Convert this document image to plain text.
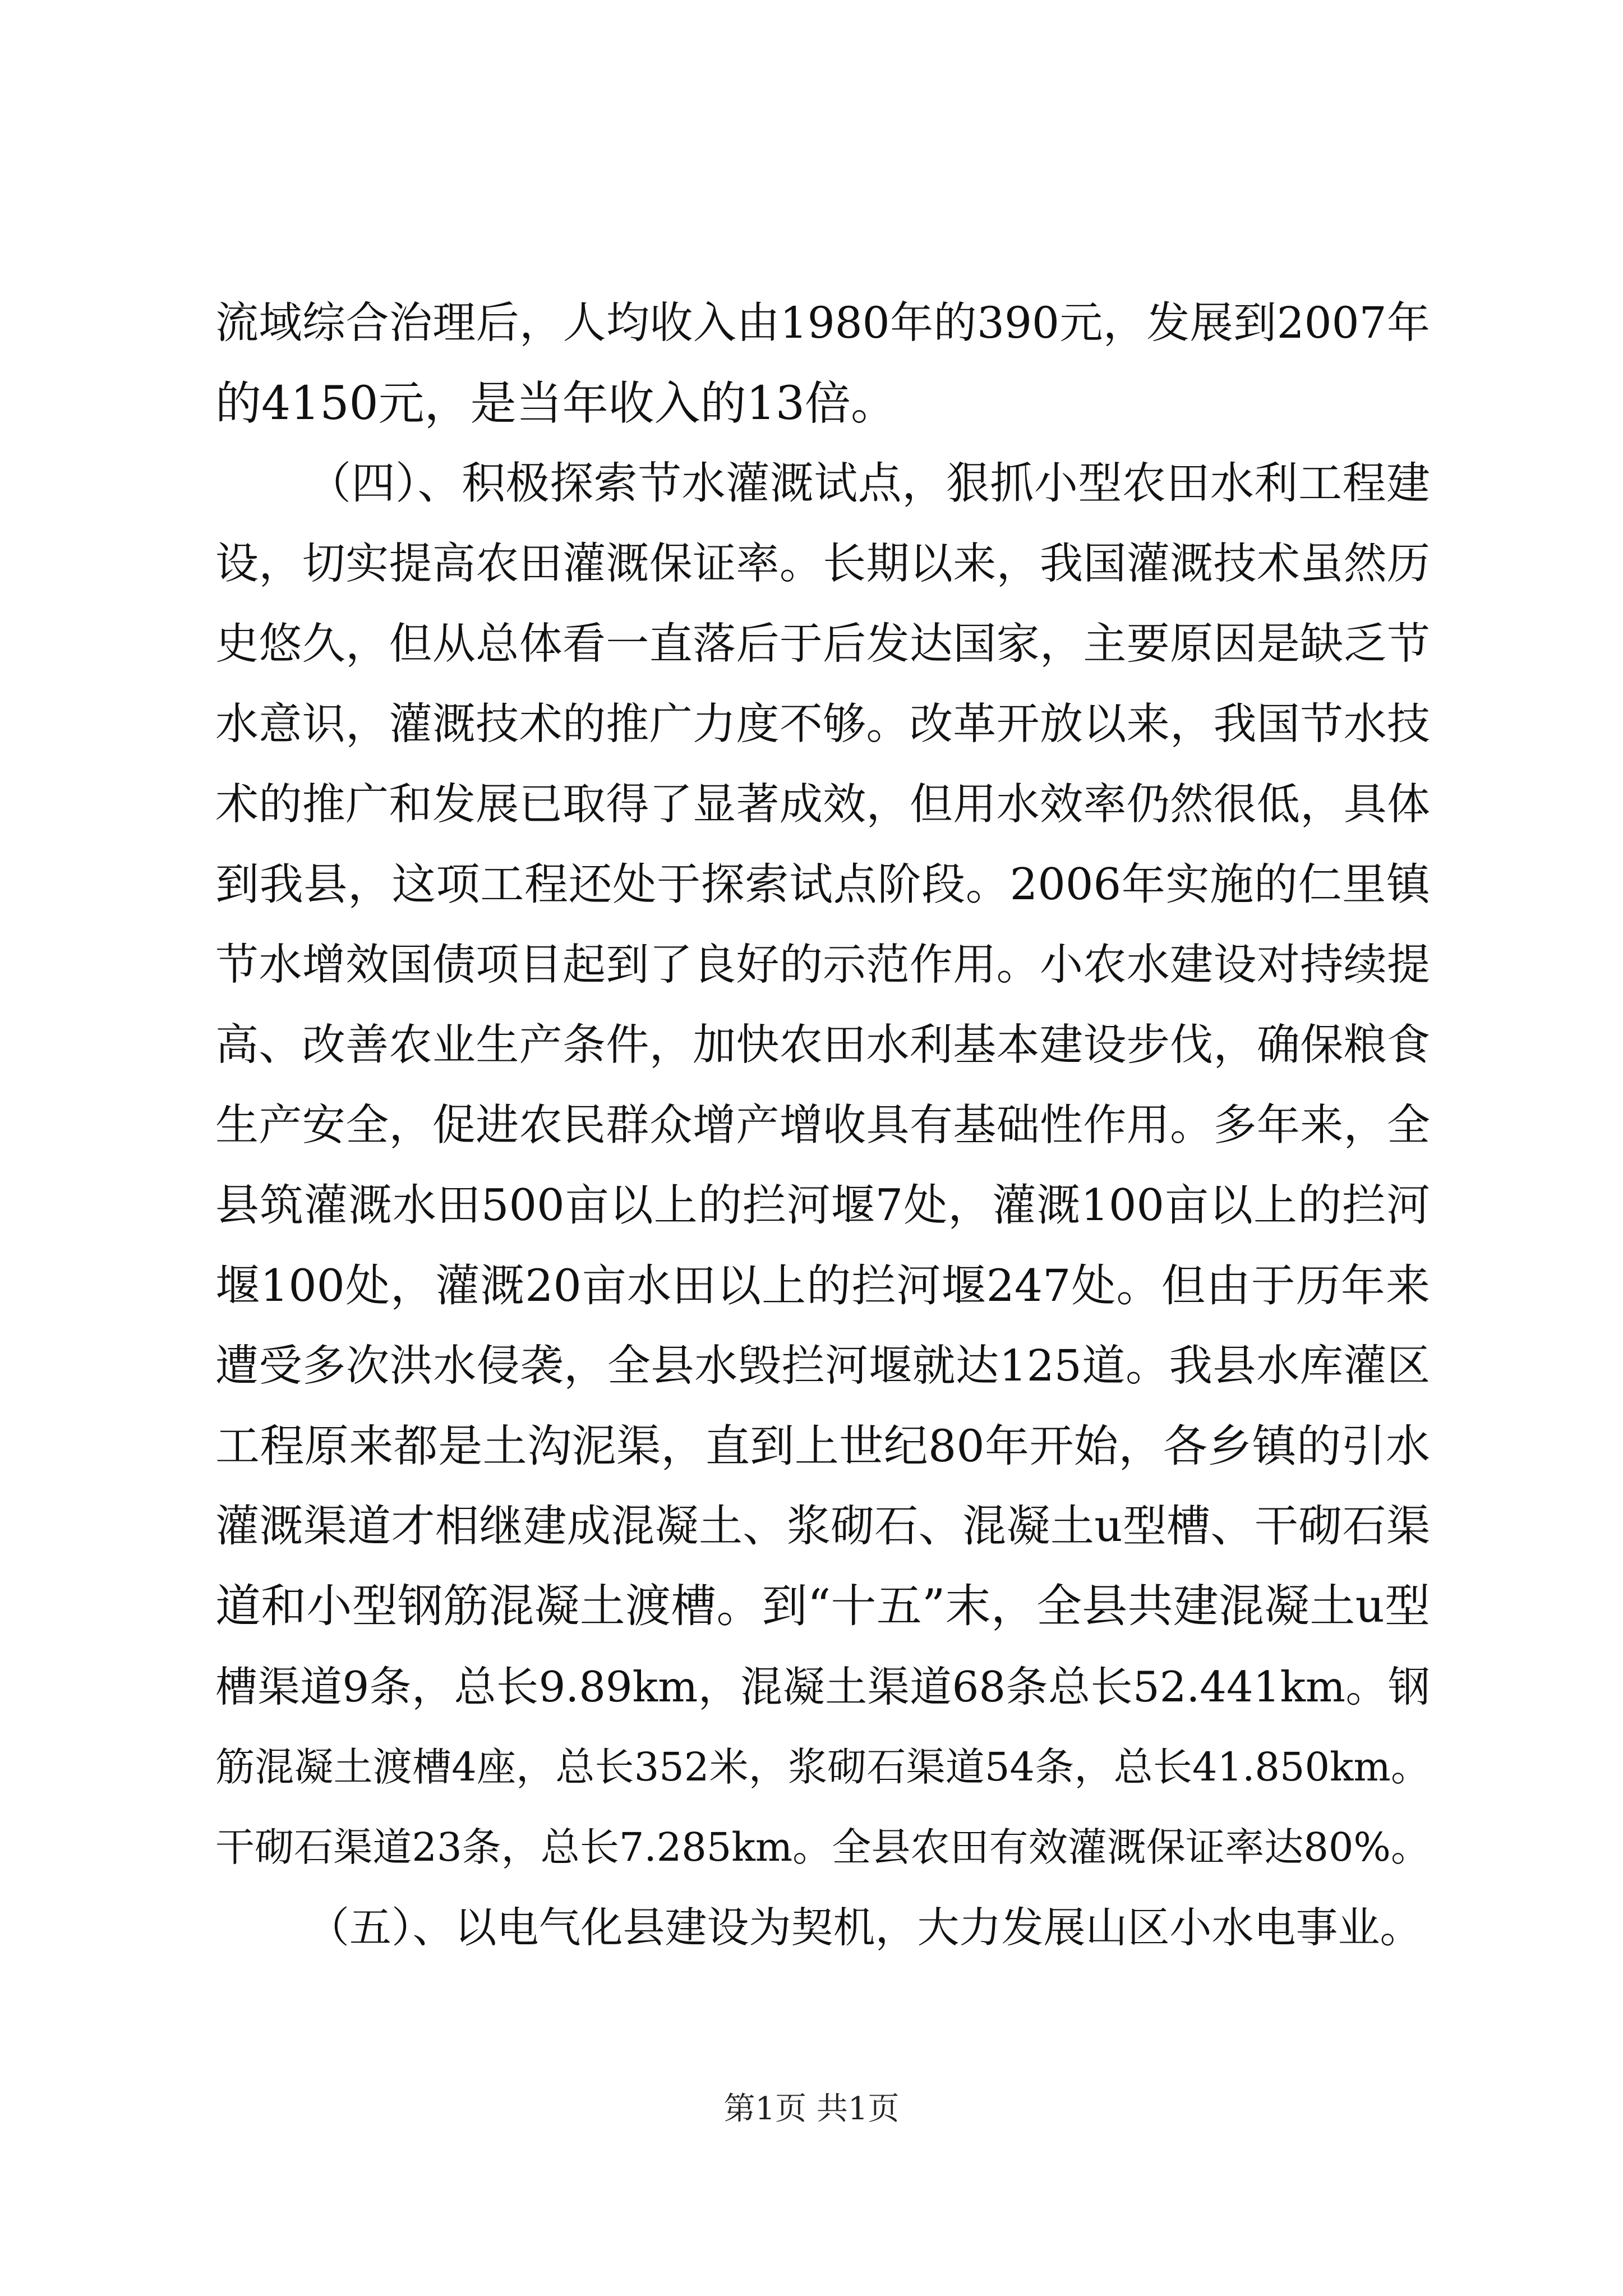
流域综合治理后，人均收入由1980年的390元，发展到2007年
的4150元，是当年收入的13倍。
（四）、积极探索节水灌溉试点，狠抓小型农田水利工程建
设，切实提高农田灌溉保证率。长期以来，我国灌溉技术虽然历
史悠久，但从总体看一直落后于后发达国家，主要原因是缺乏节
水意识，灌溉技术的推广力度不够。改革开放以来，我国节水技
术的推广和发展已取得了显著成效，但用水效率仍然很低，具体
到我县，这项工程还处于探索试点阶段。2006年实施的仁里镇
节水增效国债项目起到了良好的示范作用。小农水建设对持续提
高、改善农业生产条件，加快农田水利基本建设步伐，确保粮食
生产安全，促进农民群众增产增收具有基础性作用。多年来，全
县筑灌溉水田500亩以上的拦河堰7处，灌溉100亩以上的拦河
堰100处，灌溉20亩水田以上的拦河堰247处。但由于历年来
遭受多次洪水侵袭，全县水毁拦河堰就达125道。我县水库灌区
工程原来都是土沟泥渠，直到上世纪80年开始，各乡镇的引水
灌溉渠道才相继建成混凝土、浆砌石、混凝土u型槽、干砌石渠
道和小型钢筋混凝土渡槽。到“十五”末，全县共建混凝土u型
槽渠道9条，总长9.89km，混凝土渠道68条总长52.441km。钢
筋混凝土渡槽4座，总长352米，浆砌石渠道54条，总长41.850km。
干砌石渠道23条，总长7.285km。全县农田有效灌溉保证率达80%。
（五）、以电气化县建设为契机，大力发展山区小水电事业。
第1页 共1页
